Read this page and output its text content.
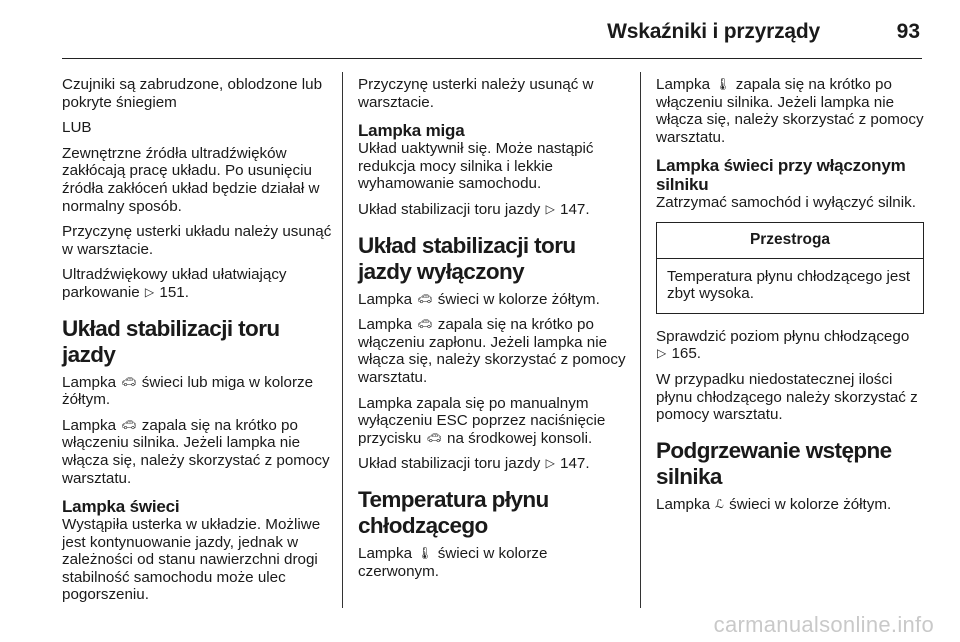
Wskaźniki i przyrządy	93

Czujniki są zabrudzone, oblodzone lub pokryte śniegiem

LUB

Zewnętrzne źródła ultradźwięków zakłócają pracę układu. Po usunięciu źródła zakłóceń układ będzie działał w normalny sposób.

Przyczynę usterki układu należy usunąć w warsztacie.

Ultradźwiękowy układ ułatwiający parkowanie ▷ 151.

Układ stabilizacji toru jazdy

Lampka 🚗︎ świeci lub miga w kolorze żółtym.

Lampka 🚗︎ zapala się na krótko po włączeniu silnika. Jeżeli lampka nie włącza się, należy skorzystać z pomocy warsztatu.

Lampka świeci

Wystąpiła usterka w układzie. Możliwe jest kontynuowanie jazdy, jednak w zależności od stanu nawierzchni drogi stabilność samochodu może ulec pogorszeniu.

Przyczynę usterki należy usunąć w warsztacie.

Lampka miga

Układ uaktywnił się. Może nastąpić redukcja mocy silnika i lekkie wyhamowanie samochodu.

Układ stabilizacji toru jazdy ▷ 147.

Układ stabilizacji toru jazdy wyłączony

Lampka 🚗︎ świeci w kolorze żółtym.

Lampka 🚗︎ zapala się na krótko po włączeniu zapłonu. Jeżeli lampka nie włącza się, należy skorzystać z pomocy warsztatu.

Lampka zapala się po manualnym wyłączeniu ESC poprzez naciśnięcie przycisku 🚗︎ na środkowej konsoli.

Układ stabilizacji toru jazdy ▷ 147.

Temperatura płynu chłodzącego

Lampka 🌡︎ świeci w kolorze czerwonym.

Lampka 🌡︎ zapala się na krótko po włączeniu silnika. Jeżeli lampka nie włącza się, należy skorzystać z pomocy warsztatu.

Lampka świeci przy włączonym silniku

Zatrzymać samochód i wyłączyć silnik.

Przestroga
Temperatura płynu chłodzącego jest zbyt wysoka.

Sprawdzić poziom płynu chłodzącego ▷ 165.

W przypadku niedostatecznej ilości płynu chłodzącego należy skorzystać z pomocy warsztatu.

Podgrzewanie wstępne silnika

Lampka ℒ świeci w kolorze żółtym.

carmanualsonline.info
